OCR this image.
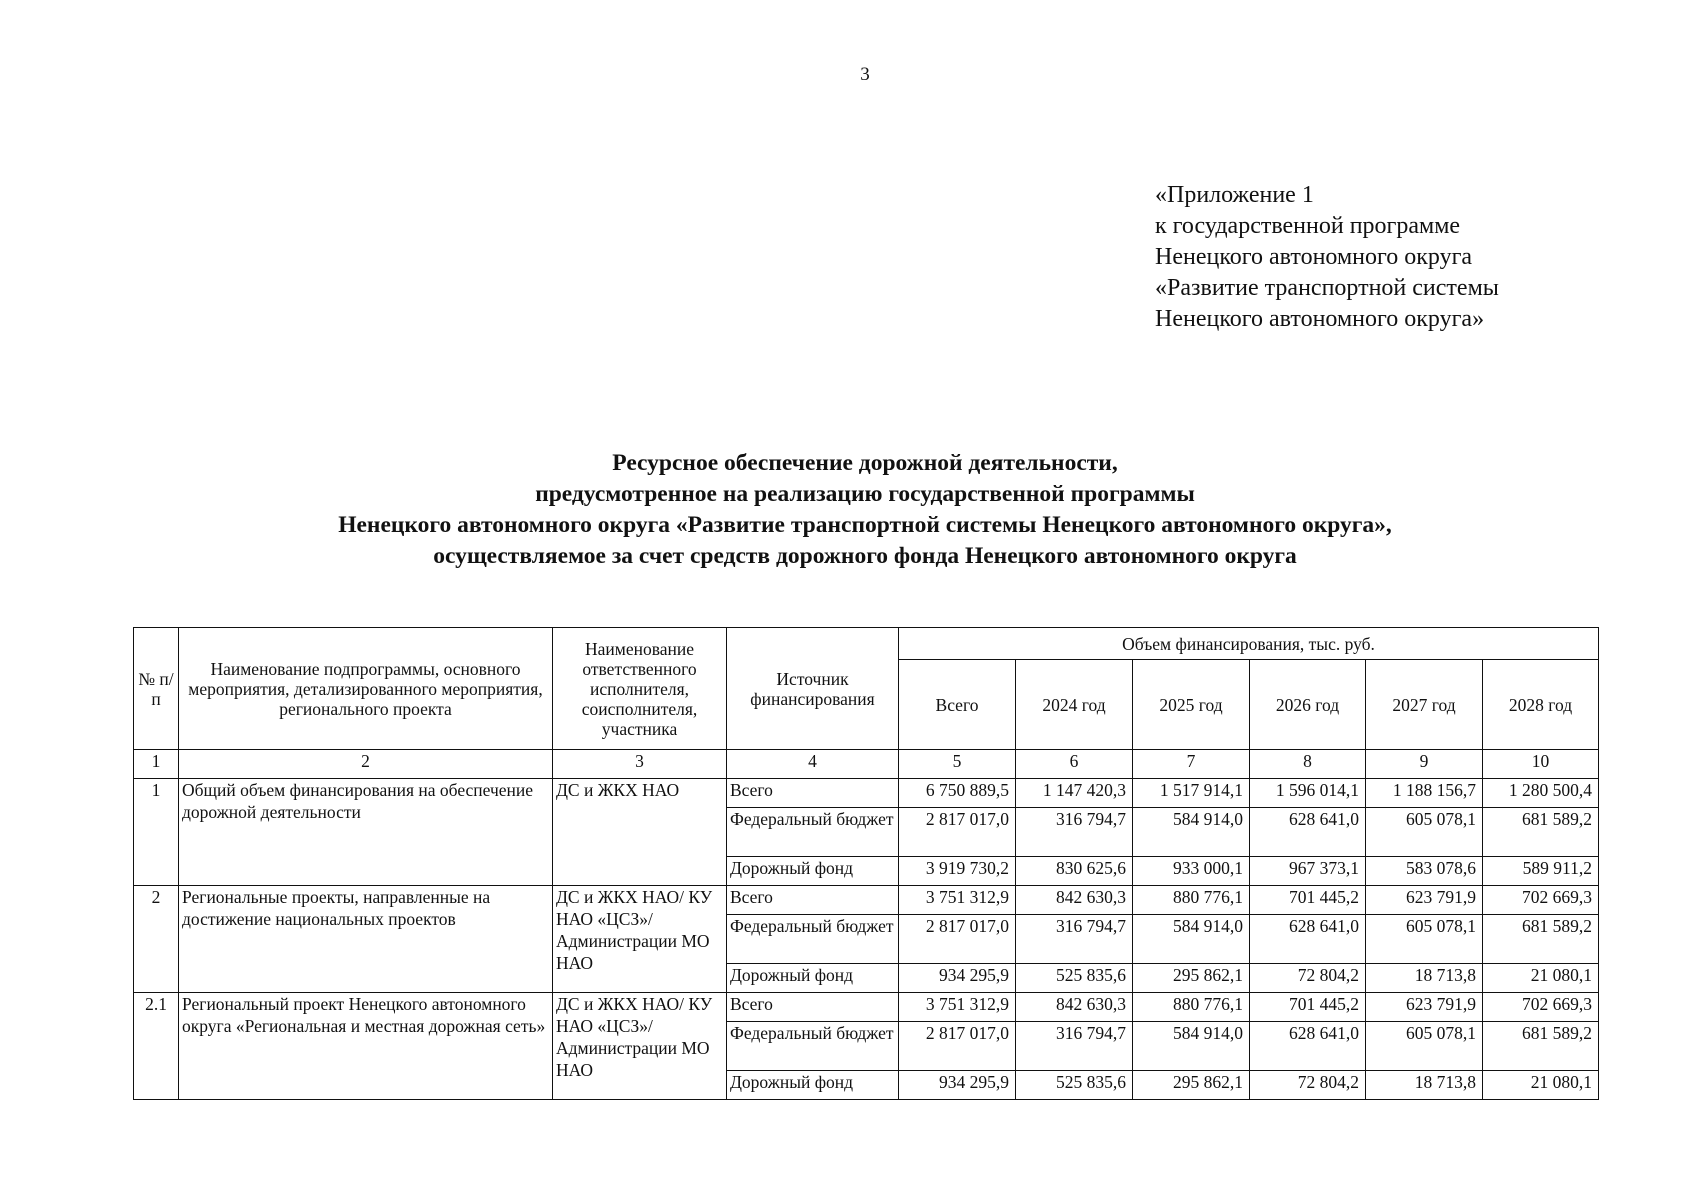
3
«Приложение 1
к государственной программе
Ненецкого автономного округа
«Развитие транспортной системы
Ненецкого автономного округа»
Ресурсное обеспечение дорожной деятельности,
предусмотренное на реализацию государственной программы
Ненецкого автономного округа «Развитие транспортной системы Ненецкого автономного округа»,
осуществляемое за счет средств дорожного фонда Ненецкого автономного округа
№ п/п	Наименование подпрограммы, основного мероприятия, детализированного мероприятия, регионального проекта	Наименование ответственного исполнителя, соисполнителя, участника	Источник финансирования	Объем финансирования, тыс. руб.					
				Всего	2024 год	2025 год	2026 год	2027 год	2028 год
1	2	3	4	5	6	7	8	9	10
1	Общий объем финансирования на обеспечение дорожной деятельности	ДС и ЖКХ НАО	Всего	6 750 889,5	1 147 420,3	1 517 914,1	1 596 014,1	1 188 156,7	1 280 500,4
			Федеральный бюджет	2 817 017,0	316 794,7	584 914,0	628 641,0	605 078,1	681 589,2
			Дорожный фонд	3 919 730,2	830 625,6	933 000,1	967 373,1	583 078,6	589 911,2
2	Региональные проекты, направленные на достижение национальных проектов	ДС и ЖКХ НАО/ КУ НАО «ЦСЗ»/ Администрации МО НАО	Всего	3 751 312,9	842 630,3	880 776,1	701 445,2	623 791,9	702 669,3
			Федеральный бюджет	2 817 017,0	316 794,7	584 914,0	628 641,0	605 078,1	681 589,2
			Дорожный фонд	934 295,9	525 835,6	295 862,1	72 804,2	18 713,8	21 080,1
2.1	Региональный проект Ненецкого автономного округа «Региональная и местная дорожная сеть»	ДС и ЖКХ НАО/ КУ НАО «ЦСЗ»/ Администрации МО НАО	Всего	3 751 312,9	842 630,3	880 776,1	701 445,2	623 791,9	702 669,3
			Федеральный бюджет	2 817 017,0	316 794,7	584 914,0	628 641,0	605 078,1	681 589,2
			Дорожный фонд	934 295,9	525 835,6	295 862,1	72 804,2	18 713,8	21 080,1
